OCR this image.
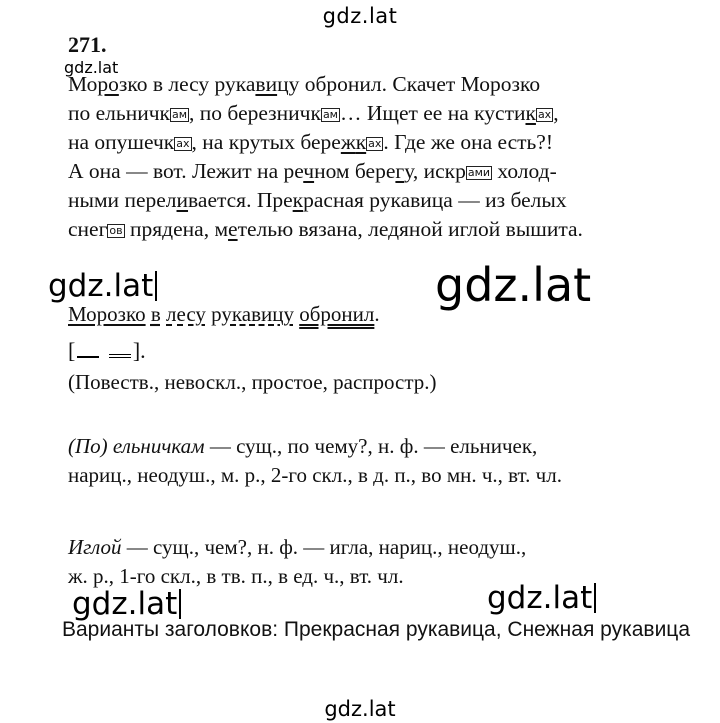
gdz.lat
gdz.lat
271.
Морозко в лесу рукавицу обронил. Скачет Морозко
по ельничк ам, по березничк ам… Ищет ее на кустик ах,
на опушечк ах, на крутых бережк ах. Где же она есть?!
А она — вот. Лежит на речном берегу, искр ами холод-
ными переливается. Прекрасная рукавица — из белых
снег ов прядена, метелью вязана, ледяной иглой вышита.
gdz.lat	gdz.lat
Морозко в лесу рукавицу обронил.
[	].
(Повеств., невоскл., простое, распростр.)
(По) ельничкам — сущ., по чему?, н. ф. — ельничек,
нариц., неодуш., м. р., 2-го скл., в д. п., во мн. ч., вт. чл.
Иглой — сущ., чем?, н. ф. — игла, нариц., неодуш.,
ж. р., 1-го скл., в тв. п., в ед. ч., вт. чл.
gdz.lat	gdz.lat
Варианты заголовков: Прекрасная рукавица, Снежная рукавица
gdz.lat
